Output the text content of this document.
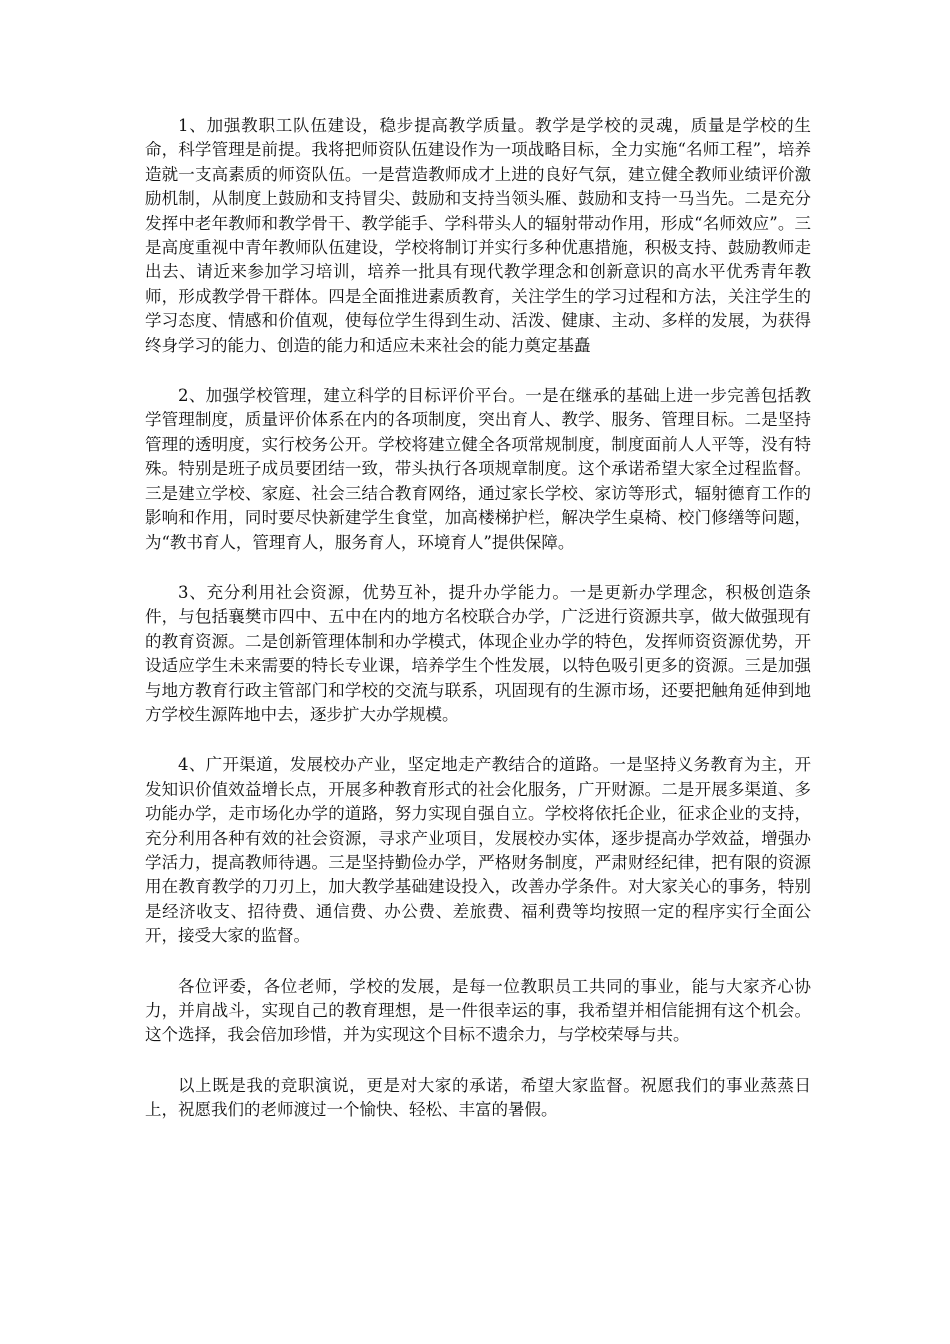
1、加强教职工队伍建设，稳步提高教学质量。教学是学校的灵魂，质量是学校的生命，科学管理是前提。我将把师资队伍建设作为一项战略目标，全力实施“名师工程”，培养造就一支高素质的师资队伍。一是营造教师成才上进的良好气氛，建立健全教师业绩评价激励机制，从制度上鼓励和支持冒尖、鼓励和支持当领头雁、鼓励和支持一马当先。二是充分发挥中老年教师和教学骨干、教学能手、学科带头人的辐射带动作用，形成“名师效应”。三是高度重视中青年教师队伍建设，学校将制订并实行多种优惠措施，积极支持、鼓励教师走出去、请近来参加学习培训，培养一批具有现代教学理念和创新意识的高水平优秀青年教师，形成教学骨干群体。四是全面推进素质教育，关注学生的学习过程和方法，关注学生的学习态度、情感和价值观，使每位学生得到生动、活泼、健康、主动、多样的发展，为获得终身学习的能力、创造的能力和适应未来社会的能力奠定基矗

2、加强学校管理，建立科学的目标评价平台。一是在继承的基础上进一步完善包括教学管理制度，质量评价体系在内的各项制度，突出育人、教学、服务、管理目标。二是坚持管理的透明度，实行校务公开。学校将建立健全各项常规制度，制度面前人人平等，没有特殊。特别是班子成员要团结一致，带头执行各项规章制度。这个承诺希望大家全过程监督。三是建立学校、家庭、社会三结合教育网络，通过家长学校、家访等形式，辐射德育工作的影响和作用，同时要尽快新建学生食堂，加高楼梯护栏，解决学生桌椅、校门修缮等问题，为“教书育人，管理育人，服务育人，环境育人”提供保障。

3、充分利用社会资源，优势互补，提升办学能力。一是更新办学理念，积极创造条件，与包括襄樊市四中、五中在内的地方名校联合办学，广泛进行资源共享，做大做强现有的教育资源。二是创新管理体制和办学模式，体现企业办学的特色，发挥师资资源优势，开设适应学生未来需要的特长专业课，培养学生个性发展，以特色吸引更多的资源。三是加强与地方教育行政主管部门和学校的交流与联系，巩固现有的生源市场，还要把触角延伸到地方学校生源阵地中去，逐步扩大办学规模。

4、广开渠道，发展校办产业，坚定地走产教结合的道路。一是坚持义务教育为主，开发知识价值效益增长点，开展多种教育形式的社会化服务，广开财源。二是开展多渠道、多功能办学，走市场化办学的道路，努力实现自强自立。学校将依托企业，征求企业的支持，充分利用各种有效的社会资源，寻求产业项目，发展校办实体，逐步提高办学效益，增强办学活力，提高教师待遇。三是坚持勤俭办学，严格财务制度，严肃财经纪律，把有限的资源用在教育教学的刀刃上，加大教学基础建设投入，改善办学条件。对大家关心的事务，特别是经济收支、招待费、通信费、办公费、差旅费、福利费等均按照一定的程序实行全面公开，接受大家的监督。

各位评委，各位老师，学校的发展，是每一位教职员工共同的事业，能与大家齐心协力，并肩战斗，实现自己的教育理想，是一件很幸运的事，我希望并相信能拥有这个机会。这个选择，我会倍加珍惜，并为实现这个目标不遗余力，与学校荣辱与共。

以上既是我的竞职演说，更是对大家的承诺，希望大家监督。祝愿我们的事业蒸蒸日上，祝愿我们的老师渡过一个愉快、轻松、丰富的暑假。
